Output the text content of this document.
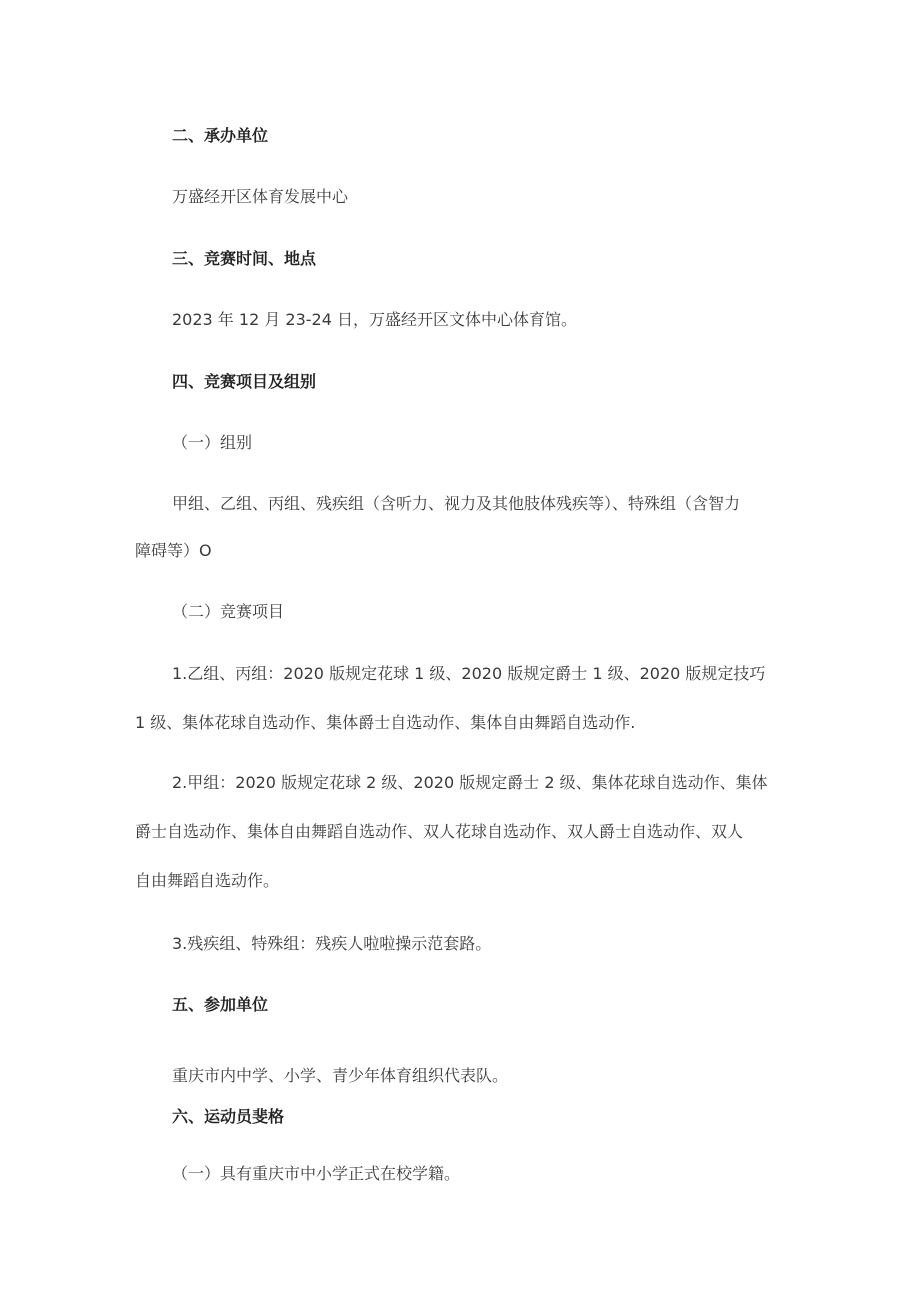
二、承办单位
万盛经开区体育发展中心
三、竞赛时间、地点
2023 年 12 月 23-24 日，万盛经开区文体中心体育馆。
四、竞赛项目及组别
（一）组别
甲组、乙组、丙组、残疾组（含听力、视力及其他肢体残疾等）、特殊组（含智力
障碍等）O
（二）竞赛项目
1.乙组、丙组：2020 版规定花球 1 级、2020 版规定爵士 1 级、2020 版规定技巧
1 级、集体花球自选动作、集体爵士自选动作、集体自由舞蹈自选动作.
2.甲组：2020 版规定花球 2 级、2020 版规定爵士 2 级、集体花球自选动作、集体
爵士自选动作、集体自由舞蹈自选动作、双人花球自选动作、双人爵士自选动作、双人
自由舞蹈自选动作。
3.残疾组、特殊组：残疾人啦啦操示范套路。
五、参加单位
重庆市内中学、小学、青少年体育组织代表队。
六、运动员斐格
（一）具有重庆市中小学正式在校学籍。
